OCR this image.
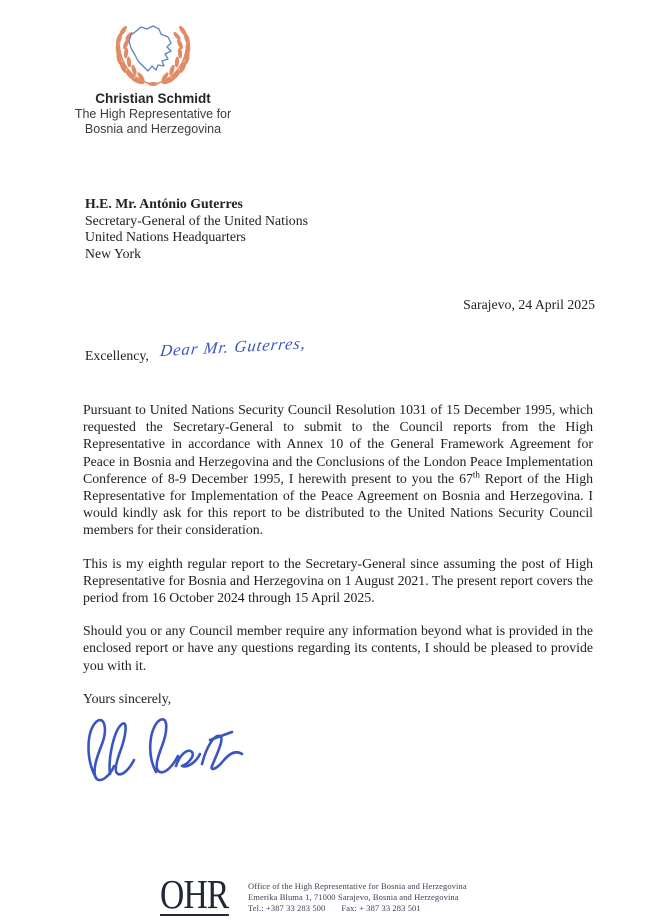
Christian Schmidt
The High Representative for
Bosnia and Herzegovina
H.E. Mr. António Guterres
Secretary-General of the United Nations
United Nations Headquarters
New York
Sarajevo, 24 April 2025
Excellency, Dear Mr. Guterres,

Pursuant to United Nations Security Council Resolution 1031 of 15 December 1995, which requested the Secretary-General to submit to the Council reports from the High Representative in accordance with Annex 10 of the General Framework Agreement for Peace in Bosnia and Herzegovina and the Conclusions of the London Peace Implementation Conference of 8-9 December 1995, I herewith present to you the 67th Report of the High Representative for Implementation of the Peace Agreement on Bosnia and Herzegovina. I would kindly ask for this report to be distributed to the United Nations Security Council members for their consideration.

This is my eighth regular report to the Secretary-General since assuming the post of High Representative for Bosnia and Herzegovina on 1 August 2021. The present report covers the period from 16 October 2024 through 15 April 2025.

Should you or any Council member require any information beyond what is provided in the enclosed report or have any questions regarding its contents, I should be pleased to provide you with it.

Yours sincerely,

OHR Office of the High Representative for Bosnia and Herzegovina
Emerika Bluma 1, 71000 Sarajevo, Bosnia and Herzegovina
Tel.: +387 33 283 500 Fax: + 387 33 283 501
